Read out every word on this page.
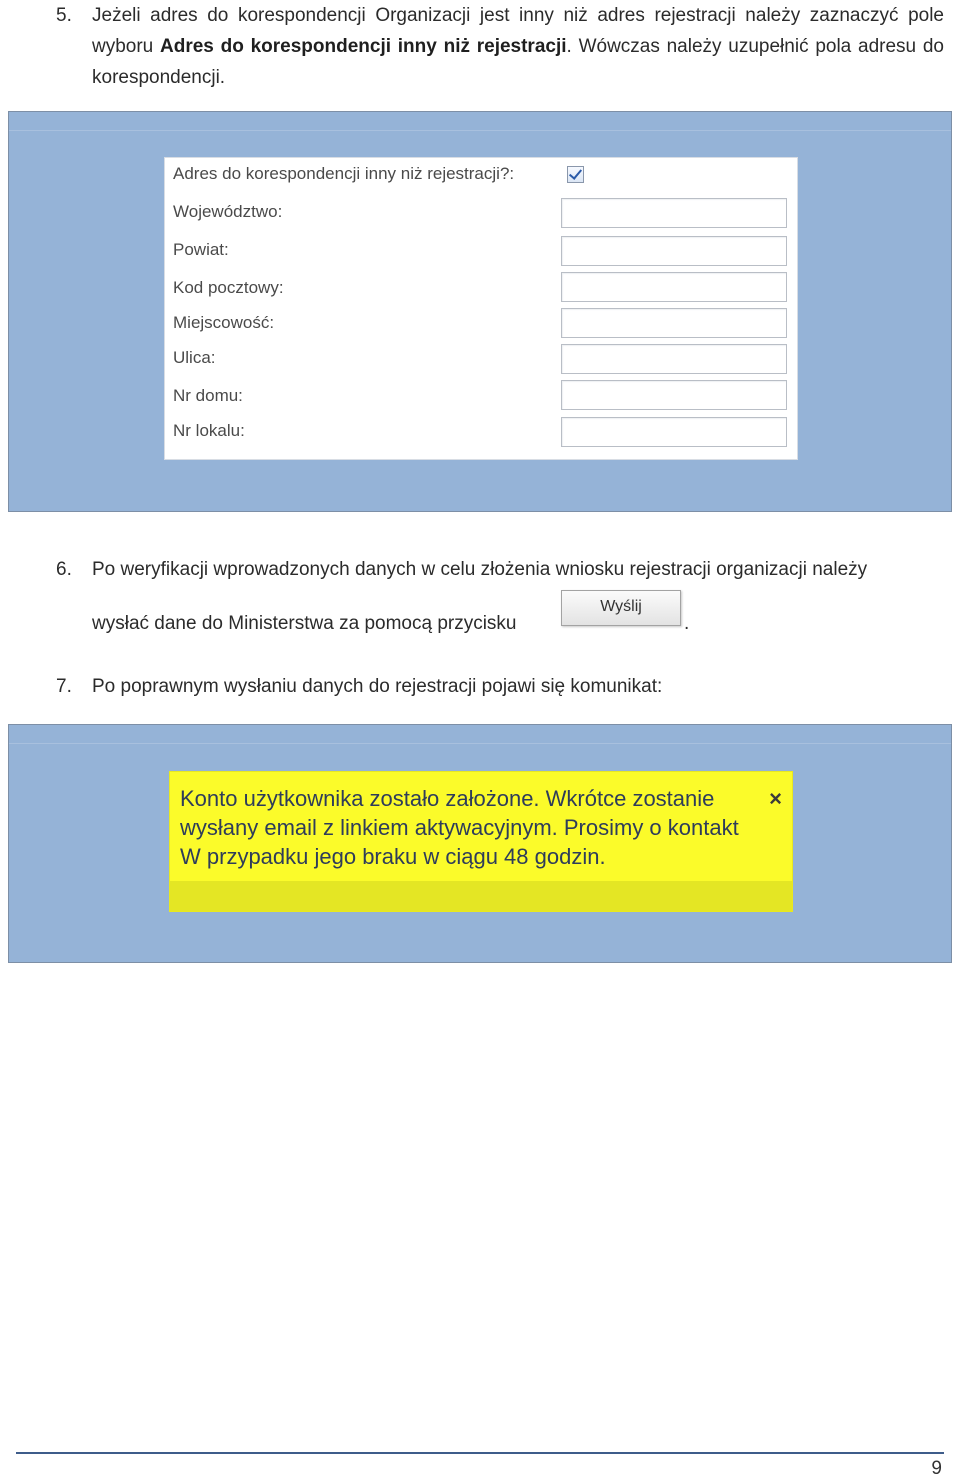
5. Jeżeli adres do korespondencji Organizacji jest inny niż adres rejestracji należy zaznaczyć pole wyboru Adres do korespondencji inny niż rejestracji. Wówczas należy uzupełnić pola adresu do korespondencji.
Adres do korespondencji inny niż rejestracji?:
Województwo:
Powiat:
Kod pocztowy:
Miejscowość:
Ulica:
Nr domu:
Nr lokalu:
6. Po weryfikacji wprowadzonych danych w celu złożenia wniosku rejestracji organizacji należy
wysłać dane do Ministerstwa za pomocą przycisku	.
Wyślij
7. Po poprawnym wysłaniu danych do rejestracji pojawi się komunikat:
Konto użytkownika zostało założone. Wkrótce zostanie wysłany email z linkiem aktywacyjnym. Prosimy o kontakt W przypadku jego braku w ciągu 48 godzin.
×
9
